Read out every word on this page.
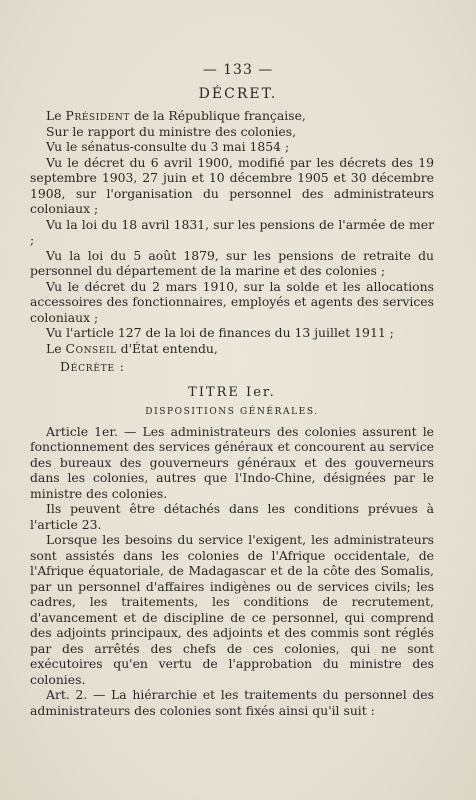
— 133 —
DÉCRET.

Le Président de la République française,

Sur le rapport du ministre des colonies,

Vu le sénatus-consulte du 3 mai 1854 ;

Vu le décret du 6 avril 1900, modifié par les décrets des 19 septembre 1903, 27 juin et 10 décembre 1905 et 30 décembre 1908, sur l'organisation du personnel des administrateurs coloniaux ;

Vu la loi du 18 avril 1831, sur les pensions de l'armée de mer ;

Vu la loi du 5 août 1879, sur les pensions de retraite du personnel du département de la marine et des colonies ;

Vu le décret du 2 mars 1910, sur la solde et les allocations accessoires des fonctionnaires, employés et agents des services coloniaux ;

Vu l'article 127 de la loi de finances du 13 juillet 1911 ;

Le Conseil d'État entendu,

Décrète :

TITRE Ier.

DISPOSITIONS GÉNÉRALES.

Article 1er. — Les administrateurs des colonies assurent le fonctionnement des services généraux et concourent au service des bureaux des gouverneurs généraux et des gouverneurs dans les colonies, autres que l'Indo-Chine, désignées par le ministre des colonies.

Ils peuvent être détachés dans les conditions prévues à l'article 23.

Lorsque les besoins du service l'exigent, les administrateurs sont assistés dans les colonies de l'Afrique occidentale, de l'Afrique équatoriale, de Madagascar et de la côte des Somalis, par un personnel d'affaires indigènes ou de services civils; les cadres, les traitements, les conditions de recrutement, d'avancement et de discipline de ce personnel, qui comprend des adjoints principaux, des adjoints et des commis sont réglés par des arrêtés des chefs de ces colonies, qui ne sont exécutoires qu'en vertu de l'approbation du ministre des colonies.

Art. 2. — La hiérarchie et les traitements du personnel des administrateurs des colonies sont fixés ainsi qu'il suit :
